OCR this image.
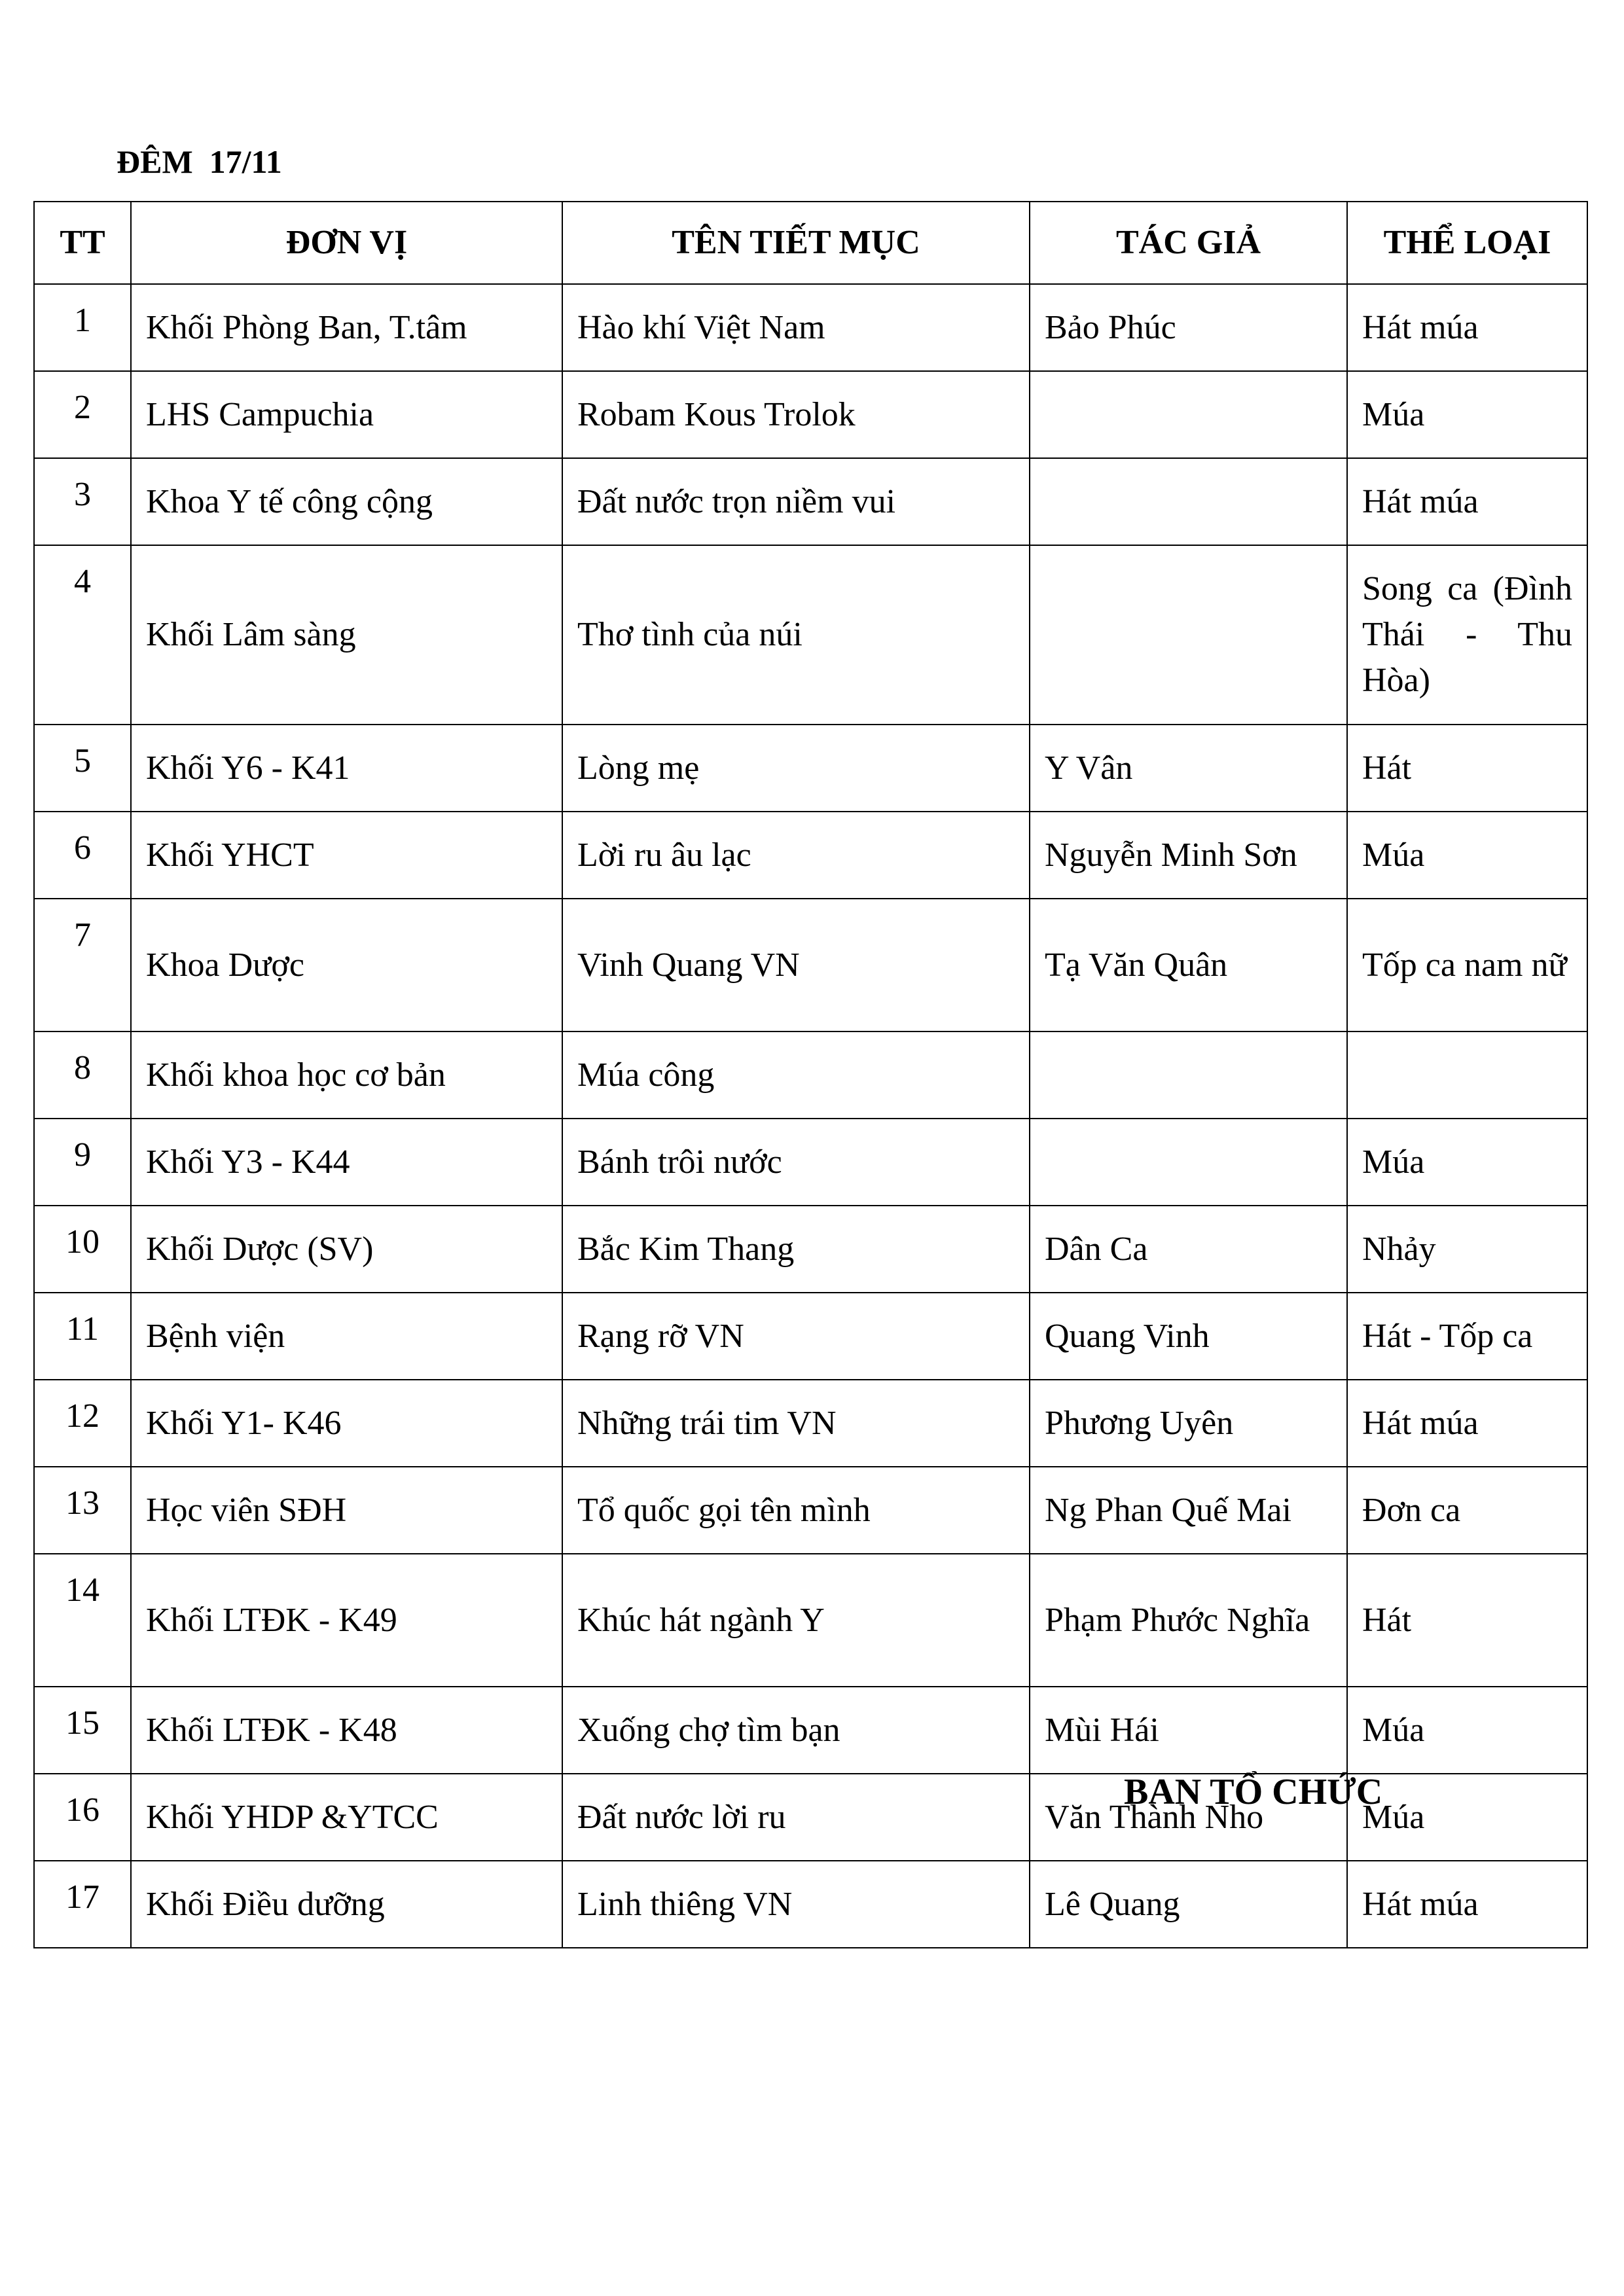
ĐÊM  17/11
TT	ĐƠN VỊ	TÊN TIẾT MỤC	TÁC GIẢ	THỂ LOẠI
1	Khối Phòng Ban, T.tâm	Hào khí Việt Nam	Bảo Phúc	Hát múa
2	LHS Campuchia	Robam Kous Trolok		Múa
3	Khoa Y tế công cộng	Đất nước trọn niềm vui		Hát múa
4	Khối Lâm sàng	Thơ tình của núi		Song ca (Đình Thái - Thu Hòa)
5	Khối Y6 - K41	Lòng mẹ	Y Vân	Hát
6	Khối YHCT	Lời ru âu lạc	Nguyễn Minh Sơn	Múa
7	Khoa Dược	Vinh Quang VN	Tạ Văn Quân	Tốp ca nam nữ
8	Khối khoa học cơ bản	Múa công		
9	Khối Y3 - K44	Bánh trôi nước		Múa
10	Khối Dược (SV)	Bắc Kim Thang	Dân Ca	Nhảy
11	Bệnh viện	Rạng rỡ VN	Quang Vinh	Hát - Tốp ca
12	Khối Y1- K46	Những trái tim VN	Phương Uyên	Hát múa
13	Học viên SĐH	Tổ quốc gọi tên mình	Ng Phan Quế Mai	Đơn ca
14	Khối LTĐK - K49	Khúc hát ngành Y	Phạm Phước Nghĩa	Hát
15	Khối LTĐK - K48	Xuống chợ tìm bạn	Mùi Hái	Múa
16	Khối YHDP &YTCC	Đất nước lời ru	Văn Thành Nho	Múa
17	Khối Điều dưỡng	Linh thiêng VN	Lê Quang	Hát múa
BAN TỔ CHỨC
